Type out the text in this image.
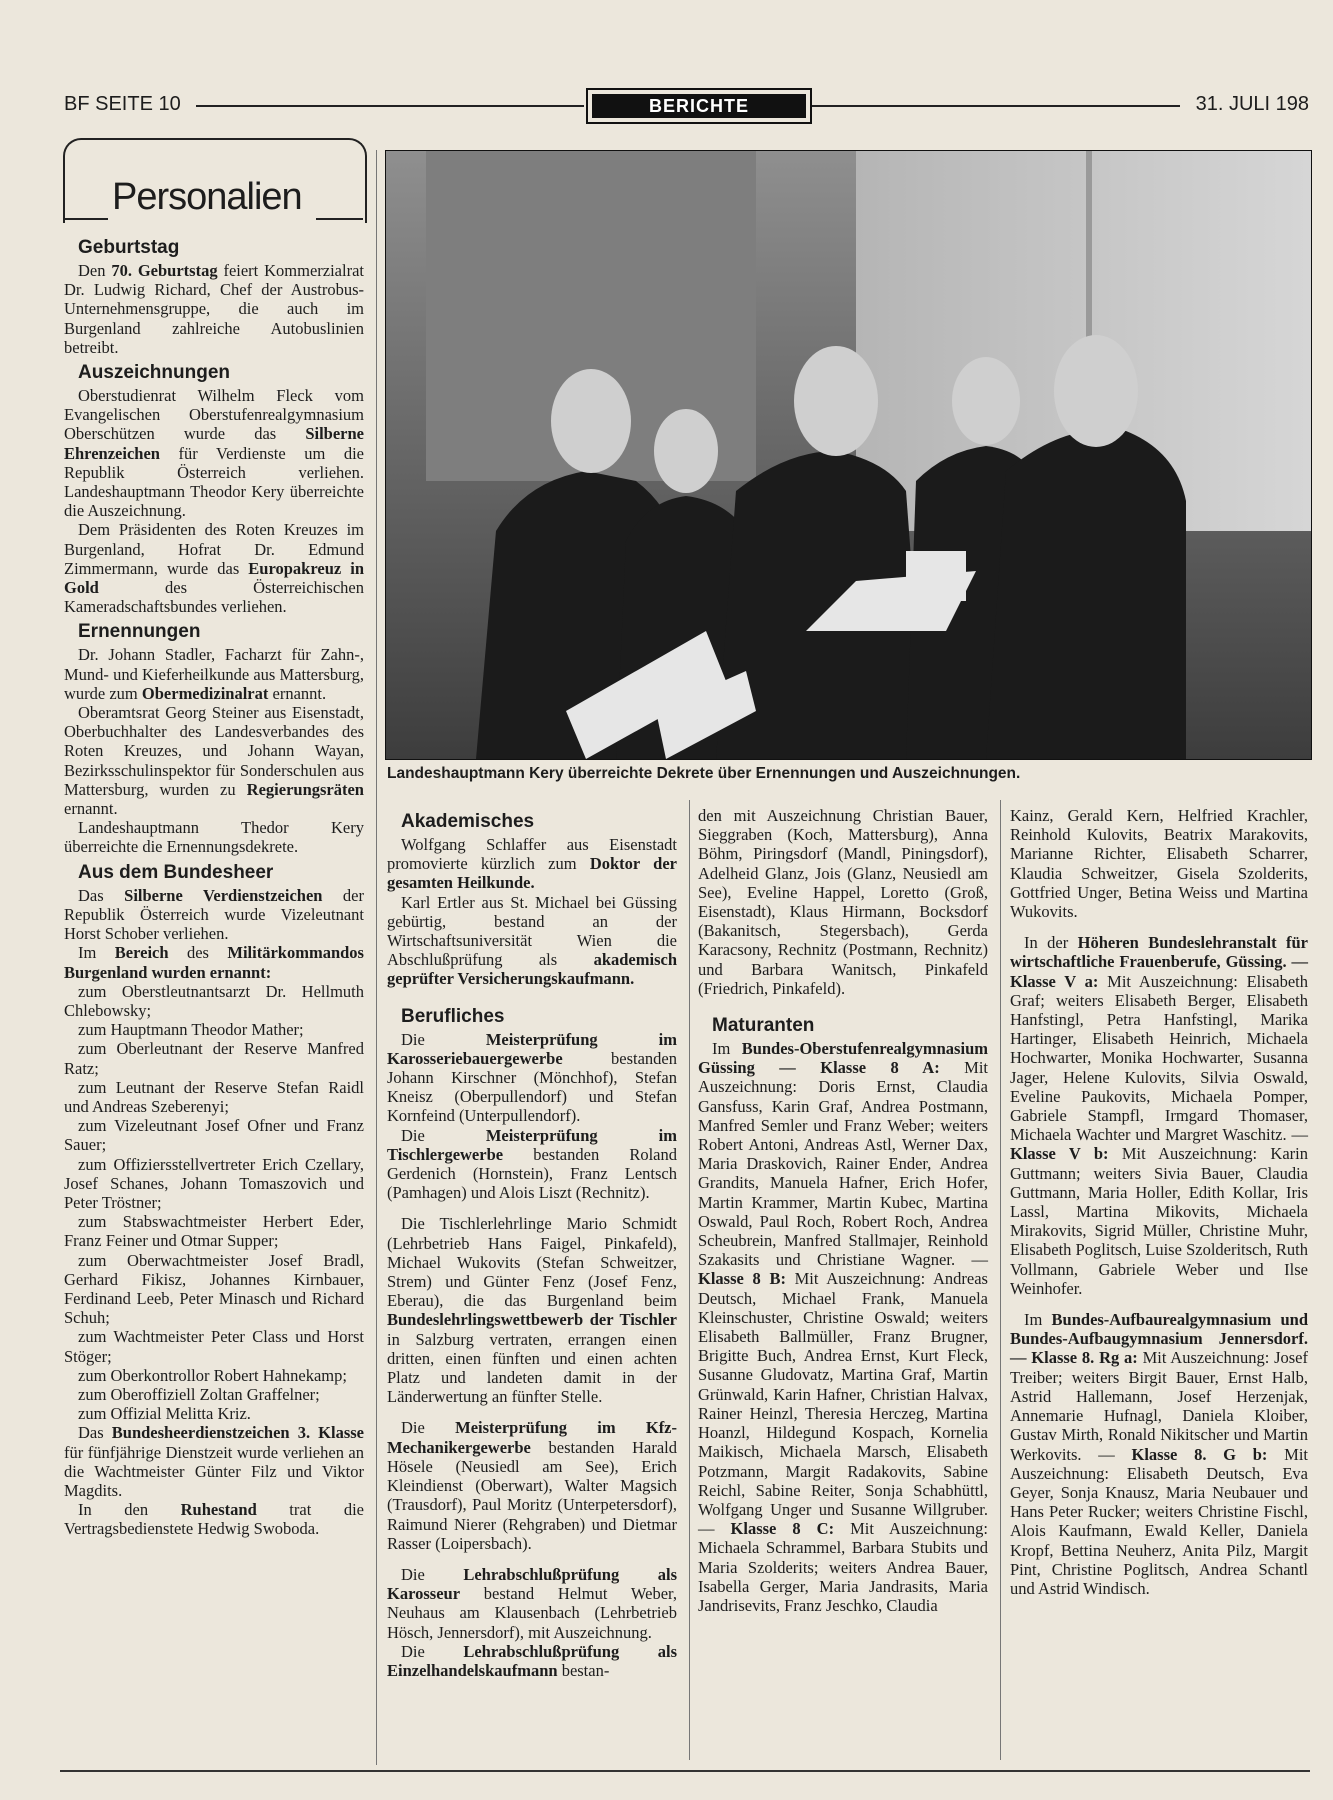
BF SEITE 10	BERICHTE	31. JULI 198
Personalien
Geburtstag

Den 70. Geburtstag feiert Kommerzialrat Dr. Ludwig Richard, Chef der Austrobus-Unternehmensgruppe, die auch im Burgenland zahlreiche Autobuslinien betreibt.

Auszeichnungen

Oberstudienrat Wilhelm Fleck vom Evangelischen Oberstufenrealgymnasium Oberschützen wurde das Silberne Ehrenzeichen für Verdienste um die Republik Österreich verliehen. Landeshauptmann Theodor Kery überreichte die Auszeichnung.

Dem Präsidenten des Roten Kreuzes im Burgenland, Hofrat Dr. Edmund Zimmermann, wurde das Europakreuz in Gold des Österreichischen Kameradschaftsbundes verliehen.

Ernennungen

Dr. Johann Stadler, Facharzt für Zahn-, Mund- und Kieferheilkunde aus Mattersburg, wurde zum Obermedizinalrat ernannt.

Oberamtsrat Georg Steiner aus Eisenstadt, Oberbuchhalter des Landesverbandes des Roten Kreuzes, und Johann Wayan, Bezirksschulinspektor für Sonderschulen aus Mattersburg, wurden zu Regierungsräten ernannt.

Landeshauptmann Thedor Kery überreichte die Ernennungsdekrete.

Aus dem Bundesheer

Das Silberne Verdienstzeichen der Republik Österreich wurde Vizeleutnant Horst Schober verliehen.

Im Bereich des Militärkommandos Burgenland wurden ernannt:

zum Oberstleutnantsarzt Dr. Hellmuth Chlebowsky;

zum Hauptmann Theodor Mather;

zum Oberleutnant der Reserve Manfred Ratz;

zum Leutnant der Reserve Stefan Raidl und Andreas Szeberenyi;

zum Vizeleutnant Josef Ofner und Franz Sauer;

zum Offiziersstellvertreter Erich Czellary, Josef Schanes, Johann Tomaszovich und Peter Tröstner;

zum Stabswachtmeister Herbert Eder, Franz Feiner und Otmar Supper;

zum Oberwachtmeister Josef Bradl, Gerhard Fikisz, Johannes Kirnbauer, Ferdinand Leeb, Peter Minasch und Richard Schuh;

zum Wachtmeister Peter Class und Horst Stöger;

zum Oberkontrollor Robert Hahnekamp;

zum Oberoffiziell Zoltan Graffelner;

zum Offizial Melitta Kriz.

Das Bundesheerdienstzeichen 3. Klasse für fünfjährige Dienstzeit wurde verliehen an die Wachtmeister Günter Filz und Viktor Magdits.

In den Ruhestand trat die Vertragsbedienstete Hedwig Swoboda.

Landeshauptmann Kery überreichte Dekrete über Ernennungen und Auszeichnungen.
Akademisches

Wolfgang Schlaffer aus Eisenstadt promovierte kürzlich zum Doktor der gesamten Heilkunde.

Karl Ertler aus St. Michael bei Güssing gebürtig, bestand an der Wirtschaftsuniversität Wien die Abschlußprüfung als akademisch geprüfter Versicherungskaufmann.

Berufliches

Die Meisterprüfung im Karosseriebauergewerbe bestanden Johann Kirschner (Mönchhof), Stefan Kneisz (Oberpullendorf) und Stefan Kornfeind (Unterpullendorf).

Die Meisterprüfung im Tischlergewerbe bestanden Roland Gerdenich (Hornstein), Franz Lentsch (Pamhagen) und Alois Liszt (Rechnitz).

Die Tischlerlehrlinge Mario Schmidt (Lehrbetrieb Hans Faigel, Pinkafeld), Michael Wukovits (Stefan Schweitzer, Strem) und Günter Fenz (Josef Fenz, Eberau), die das Burgenland beim Bundeslehrlingswettbewerb der Tischler in Salzburg vertraten, errangen einen dritten, einen fünften und einen achten Platz und landeten damit in der Länderwertung an fünfter Stelle.

Die Meisterprüfung im Kfz-Mechanikergewerbe bestanden Harald Hösele (Neusiedl am See), Erich Kleindienst (Oberwart), Walter Magsich (Trausdorf), Paul Moritz (Unterpetersdorf), Raimund Nierer (Rehgraben) und Dietmar Rasser (Loipersbach).

Die Lehrabschlußprüfung als Karosseur bestand Helmut Weber, Neuhaus am Klausenbach (Lehrbetrieb Hösch, Jennersdorf), mit Auszeichnung.

Die Lehrabschlußprüfung als Einzelhandelskaufmann bestan-

den mit Auszeichnung Christian Bauer, Sieggraben (Koch, Mattersburg), Anna Böhm, Piringsdorf (Mandl, Piningsdorf), Adelheid Glanz, Jois (Glanz, Neusiedl am See), Eveline Happel, Loretto (Groß, Eisenstadt), Klaus Hirmann, Bocksdorf (Bakanitsch, Stegersbach), Gerda Karacsony, Rechnitz (Postmann, Rechnitz) und Barbara Wanitsch, Pinkafeld (Friedrich, Pinkafeld).

Maturanten

Im Bundes-Oberstufenrealgymnasium Güssing — Klasse 8 A: Mit Auszeichnung: Doris Ernst, Claudia Gansfuss, Karin Graf, Andrea Postmann, Manfred Semler und Franz Weber; weiters Robert Antoni, Andreas Astl, Werner Dax, Maria Draskovich, Rainer Ender, Andrea Grandits, Manuela Hafner, Erich Hofer, Martin Krammer, Martin Kubec, Martina Oswald, Paul Roch, Robert Roch, Andrea Scheubrein, Manfred Stallmajer, Reinhold Szakasits und Christiane Wagner. — Klasse 8 B: Mit Auszeichnung: Andreas Deutsch, Michael Frank, Manuela Kleinschuster, Christine Oswald; weiters Elisabeth Ballmüller, Franz Brugner, Brigitte Buch, Andrea Ernst, Kurt Fleck, Susanne Gludovatz, Martina Graf, Martin Grünwald, Karin Hafner, Christian Halvax, Rainer Heinzl, Theresia Herczeg, Martina Hoanzl, Hildegund Kospach, Kornelia Maikisch, Michaela Marsch, Elisabeth Potzmann, Margit Radakovits, Sabine Reichl, Sabine Reiter, Sonja Schabhüttl, Wolfgang Unger und Susanne Willgruber. — Klasse 8 C: Mit Auszeichnung: Michaela Schrammel, Barbara Stubits und Maria Szolderits; weiters Andrea Bauer, Isabella Gerger, Maria Jandrasits, Maria Jandrisevits, Franz Jeschko, Claudia

Kainz, Gerald Kern, Helfried Krachler, Reinhold Kulovits, Beatrix Marakovits, Marianne Richter, Elisabeth Scharrer, Klaudia Schweitzer, Gisela Szolderits, Gottfried Unger, Betina Weiss und Martina Wukovits.

In der Höheren Bundeslehranstalt für wirtschaftliche Frauenberufe, Güssing. — Klasse V a: Mit Auszeichnung: Elisabeth Graf; weiters Elisabeth Berger, Elisabeth Hanfstingl, Petra Hanfstingl, Marika Hartinger, Elisabeth Heinrich, Michaela Hochwarter, Monika Hochwarter, Susanna Jager, Helene Kulovits, Silvia Oswald, Eveline Paukovits, Michaela Pomper, Gabriele Stampfl, Irmgard Thomaser, Michaela Wachter und Margret Waschitz. — Klasse V b: Mit Auszeichnung: Karin Guttmann; weiters Sivia Bauer, Claudia Guttmann, Maria Holler, Edith Kollar, Iris Lassl, Martina Mikovits, Michaela Mirakovits, Sigrid Müller, Christine Muhr, Elisabeth Poglitsch, Luise Szolderitsch, Ruth Vollmann, Gabriele Weber und Ilse Weinhofer.

Im Bundes-Aufbaurealgymnasium und Bundes-Aufbaugymnasium Jennersdorf. — Klasse 8. Rg a: Mit Auszeichnung: Josef Treiber; weiters Birgit Bauer, Ernst Halb, Astrid Hallemann, Josef Herzenjak, Annemarie Hufnagl, Daniela Kloiber, Gustav Mirth, Ronald Nikitscher und Martin Werkovits. — Klasse 8. G b: Mit Auszeichnung: Elisabeth Deutsch, Eva Geyer, Sonja Knausz, Maria Neubauer und Hans Peter Rucker; weiters Christine Fischl, Alois Kaufmann, Ewald Keller, Daniela Kropf, Bettina Neuherz, Anita Pilz, Margit Pint, Christine Poglitsch, Andrea Schantl und Astrid Windisch.
